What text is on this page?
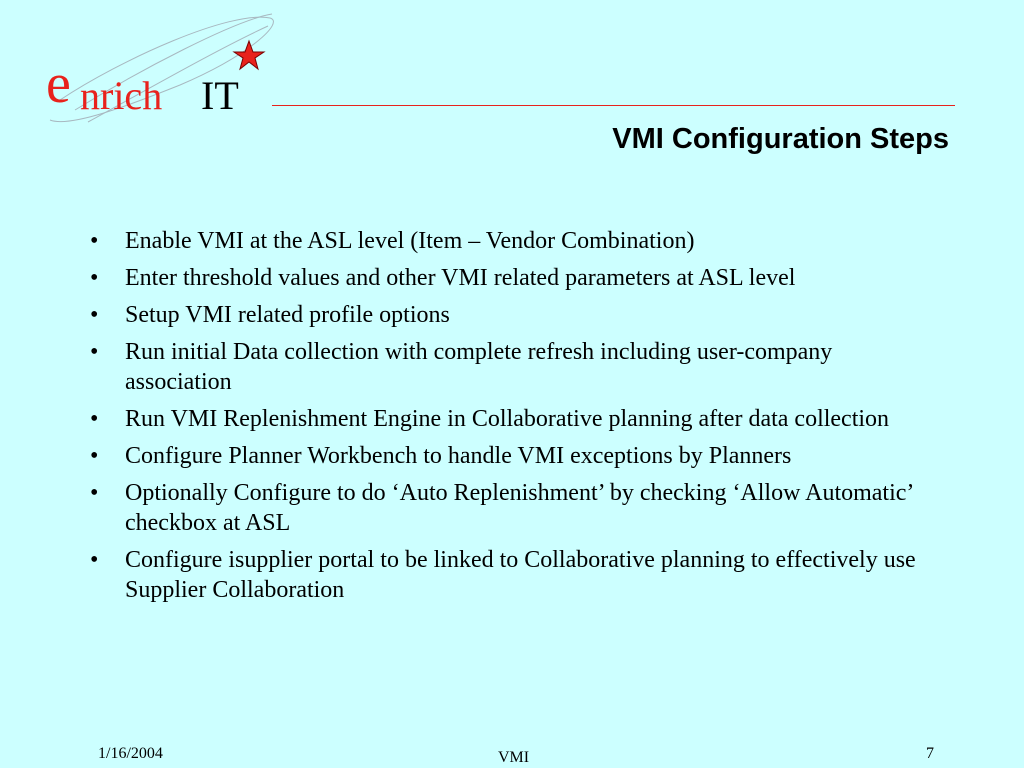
e nrich IT
VMI Configuration Steps
• Enable VMI at the ASL level (Item – Vendor Combination)
• Enter threshold values and other VMI related parameters at ASL level
• Setup VMI related profile options
• Run initial Data collection with complete refresh including user-company association
• Run VMI Replenishment Engine in Collaborative planning after data collection
• Configure Planner Workbench to handle VMI exceptions by Planners
• Optionally Configure to do ‘Auto Replenishment’ by checking ‘Allow Automatic’ checkbox at ASL
• Configure isupplier portal to be linked to Collaborative planning to effectively use Supplier Collaboration
1/16/2004	VMI	7
